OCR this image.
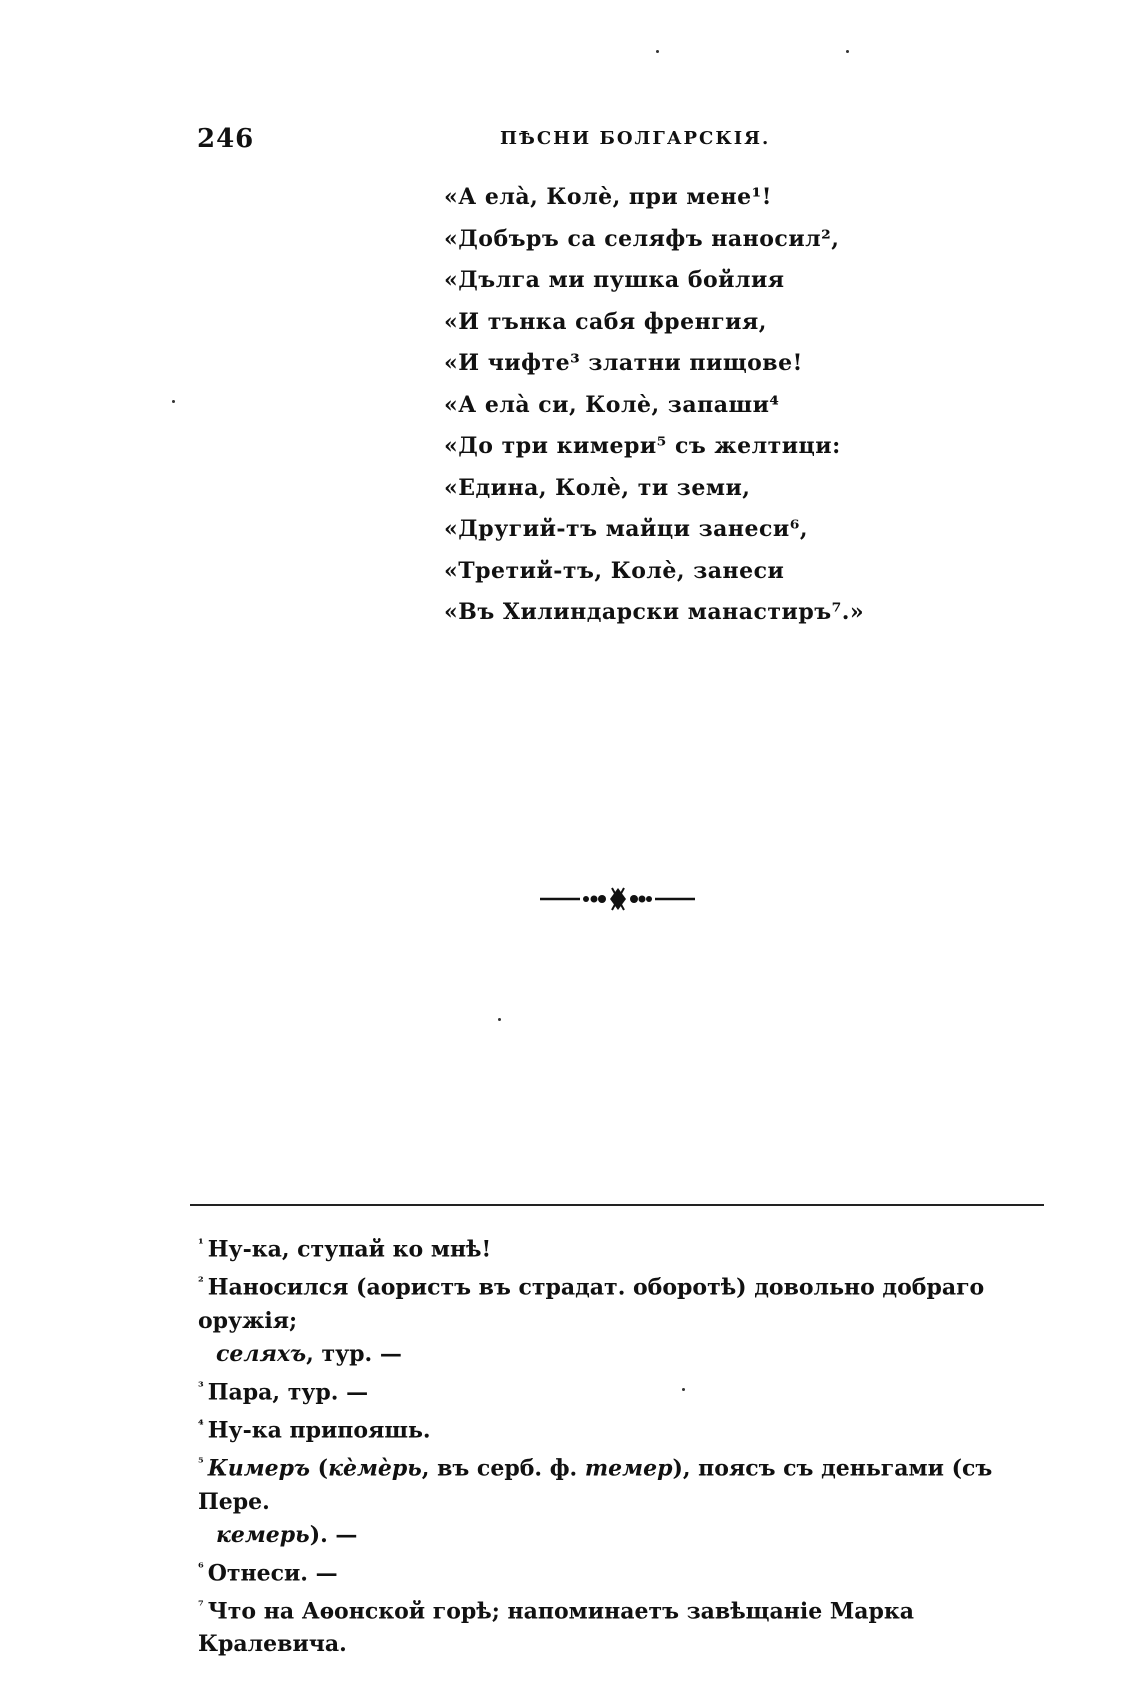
246	ПѢСНИ БОЛГАРСКІЯ.
«А ела̀, Колѐ, при мене¹!
«Добъръ са селяфъ наносил²,
«Дълга ми пушка бойлия
«И тънка сабя френгия,
«И чифте³ златни пищове!
«А ела̀ си, Колѐ, запаши⁴
«До три кимери⁵ съ желтици:
«Едина, Колѐ, ти земи,
«Другий-тъ майци занеси⁶,
«Третий-тъ, Колѐ, занеси
«Въ Хилиндарски манастиръ⁷.»
$^{^1}$ Ну-ка, ступай ко мнѣ!
$^{^2}$ Наносился (аористъ въ страдат. оборотѣ) довольно добраго оружія;
селяхъ, тур. —
$^{^3}$ Пара, тур. —
$^{^4}$ Ну-ка припояшь.
$^{^5}$ Кимеръ (кѐмѐрь, въ серб. ф. темер), поясъ съ деньгами (съ Пере.
кемерь). —
$^{^6}$ Отнеси. —
$^{^7}$ Что на Аѳонской горѣ; напоминаетъ завѣщаніе Марка Кралевича.
